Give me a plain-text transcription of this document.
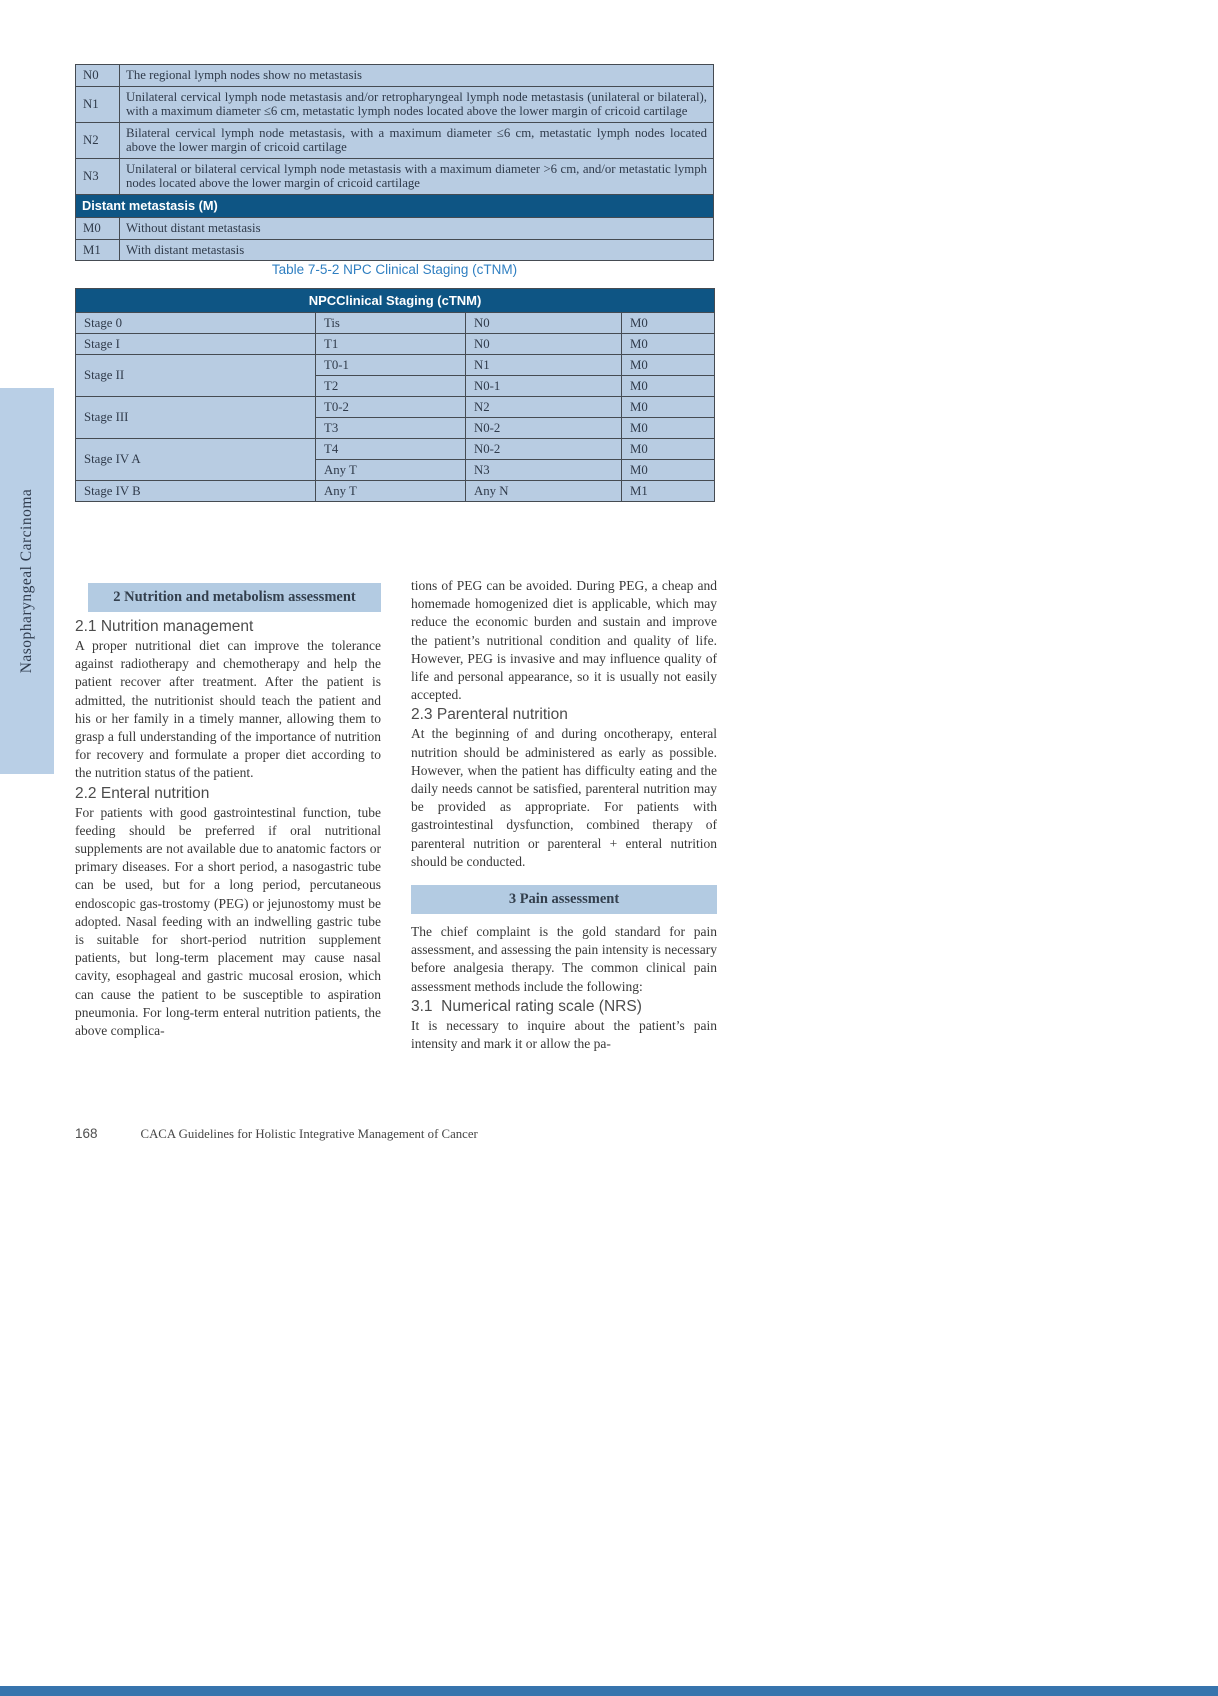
N0	The regional lymph nodes show no metastasis
N1	Unilateral cervical lymph node metastasis and/or retropharyngeal lymph node metastasis (unilateral or bilateral), with a maximum diameter ≤6 cm, metastatic lymph nodes located above the lower margin of cricoid cartilage
N2	Bilateral cervical lymph node metastasis, with a maximum diameter ≤6 cm, metastatic lymph nodes located above the lower margin of cricoid cartilage
N3	Unilateral or bilateral cervical lymph node metastasis with a maximum diameter >6 cm, and/or metastatic lymph nodes located above the lower margin of cricoid cartilage
Distant metastasis (M)	
M0	Without distant metastasis
M1	With distant metastasis
Table 7-5-2 NPC Clinical Staging (cTNM)
NPCClinical Staging (cTNM)			
Stage 0	Tis	N0	M0
Stage I	T1	N0	M0
Stage II	T0-1	N1	M0
	T2	N0-1	M0
Stage III	T0-2	N2	M0
	T3	N0-2	M0
Stage IV A	T4	N0-2	M0
	Any T	N3	M0
Stage IV B	Any T	Any N	M1
Nasopharyngeal Carcinoma	2 Nutrition and metabolism assessment
2.1 Nutrition management
A proper nutritional diet can improve the tolerance against radiotherapy and chemotherapy and help the patient recover after treatment. After the patient is admitted, the nutritionist should teach the patient and his or her family in a timely manner, allowing them to grasp a full understanding of the importance of nutrition for recovery and formulate a proper diet according to the nutrition status of the patient.
2.2 Enteral nutrition
For patients with good gastrointestinal function, tube feeding should be preferred if oral nutritional supplements are not available due to anatomic factors or primary diseases. For a short period, a nasogastric tube can be used, but for a long period, percutaneous endoscopic gas-trostomy (PEG) or jejunostomy must be adopted. Nasal feeding with an indwelling gastric tube is suitable for short-period nutrition supplement patients, but long-term placement may cause nasal cavity, esophageal and gastric mucosal erosion, which can cause the patient to be susceptible to aspiration pneumonia. For long-term enteral nutrition patients, the above complica-
tions of PEG can be avoided. During PEG, a cheap and homemade homogenized diet is applicable, which may reduce the economic burden and sustain and improve the patient’s nutritional condition and quality of life. However, PEG is invasive and may influence quality of life and personal appearance, so it is usually not easily accepted.
2.3 Parenteral nutrition
At the beginning of and during oncotherapy, enteral nutrition should be administered as early as possible. However, when the patient has difficulty eating and the daily needs cannot be satisfied, parenteral nutrition may be provided as appropriate. For patients with gastrointestinal dysfunction, combined therapy of parenteral nutrition or parenteral + enteral nutrition should be conducted.
3 Pain assessment
The chief complaint is the gold standard for pain assessment, and assessing the pain intensity is necessary before analgesia therapy. The common clinical pain assessment methods include the following:
3.1  Numerical rating scale (NRS)
It is necessary to inquire about the patient’s pain intensity and mark it or allow the pa-
168	CACA Guidelines for Holistic Integrative Management of Cancer
